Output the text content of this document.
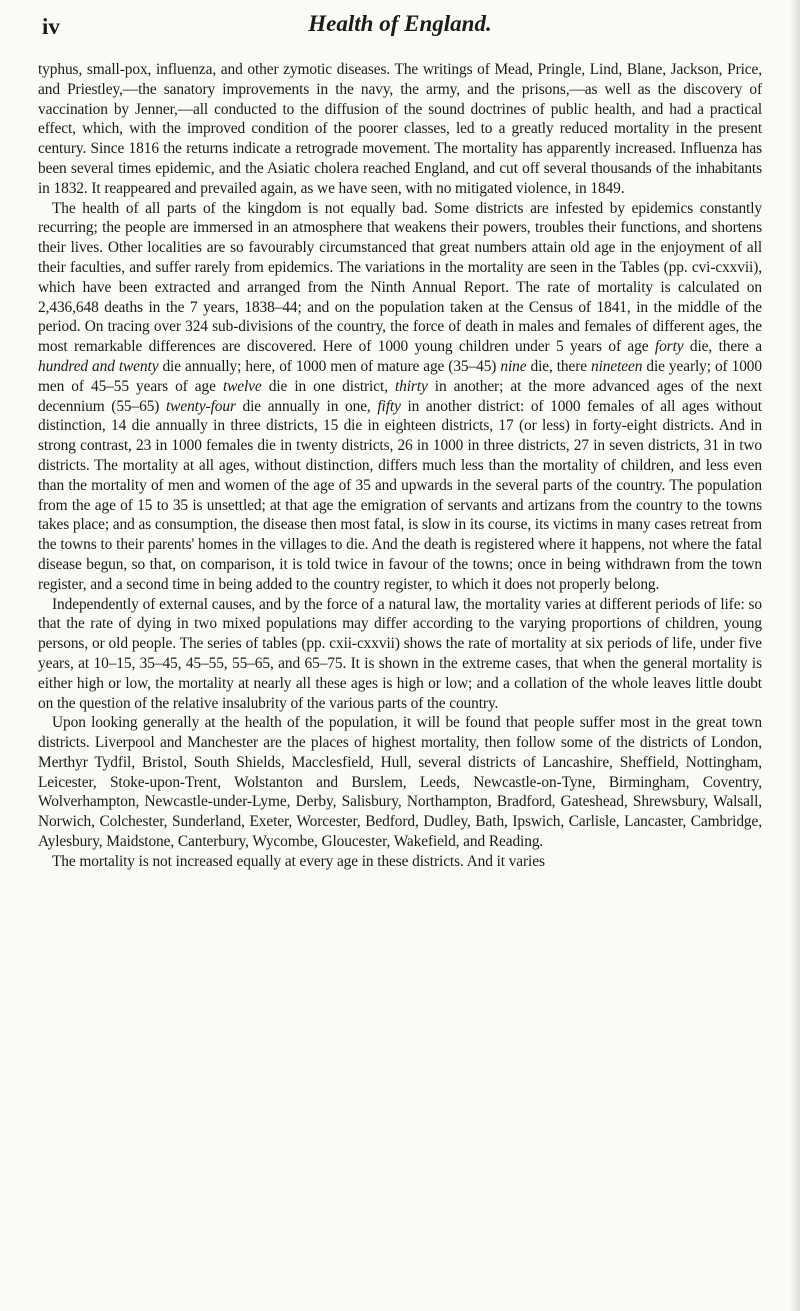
iv	Health of England.

typhus, small-pox, influenza, and other zymotic diseases. The writings of Mead, Pringle, Lind, Blane, Jackson, Price, and Priestley,—the sanatory improvements in the navy, the army, and the prisons,—as well as the discovery of vaccination by Jenner,—all conducted to the diffusion of the sound doctrines of public health, and had a practical effect, which, with the improved condition of the poorer classes, led to a greatly reduced mortality in the present century. Since 1816 the returns indicate a retrograde movement. The mortality has apparently increased. Influenza has been several times epidemic, and the Asiatic cholera reached England, and cut off several thousands of the inhabitants in 1832. It reappeared and prevailed again, as we have seen, with no mitigated violence, in 1849.

The health of all parts of the kingdom is not equally bad. Some districts are infested by epidemics constantly recurring; the people are immersed in an atmosphere that weakens their powers, troubles their functions, and shortens their lives. Other localities are so favourably circumstanced that great numbers attain old age in the enjoyment of all their faculties, and suffer rarely from epidemics. The variations in the mortality are seen in the Tables (pp. cvi-cxxvii), which have been extracted and arranged from the Ninth Annual Report. The rate of mortality is calculated on 2,436,648 deaths in the 7 years, 1838–44; and on the population taken at the Census of 1841, in the middle of the period. On tracing over 324 sub-divisions of the country, the force of death in males and females of different ages, the most remarkable differences are discovered. Here of 1000 young children under 5 years of age forty die, there a hundred and twenty die annually; here, of 1000 men of mature age (35–45) nine die, there nineteen die yearly; of 1000 men of 45–55 years of age twelve die in one district, thirty in another; at the more advanced ages of the next decennium (55–65) twenty-four die annually in one, fifty in another district: of 1000 females of all ages without distinction, 14 die annually in three districts, 15 die in eighteen districts, 17 (or less) in forty-eight districts. And in strong contrast, 23 in 1000 females die in twenty districts, 26 in 1000 in three districts, 27 in seven districts, 31 in two districts. The mortality at all ages, without distinction, differs much less than the mortality of children, and less even than the mortality of men and women of the age of 35 and upwards in the several parts of the country. The population from the age of 15 to 35 is unsettled; at that age the emigration of servants and artizans from the country to the towns takes place; and as consumption, the disease then most fatal, is slow in its course, its victims in many cases retreat from the towns to their parents' homes in the villages to die. And the death is registered where it happens, not where the fatal disease begun, so that, on comparison, it is told twice in favour of the towns; once in being withdrawn from the town register, and a second time in being added to the country register, to which it does not properly belong.

Independently of external causes, and by the force of a natural law, the mortality varies at different periods of life: so that the rate of dying in two mixed populations may differ according to the varying proportions of children, young persons, or old people. The series of tables (pp. cxii-cxxvii) shows the rate of mortality at six periods of life, under five years, at 10–15, 35–45, 45–55, 55–65, and 65–75. It is shown in the extreme cases, that when the general mortality is either high or low, the mortality at nearly all these ages is high or low; and a collation of the whole leaves little doubt on the question of the relative insalubrity of the various parts of the country.

Upon looking generally at the health of the population, it will be found that people suffer most in the great town districts. Liverpool and Manchester are the places of highest mortality, then follow some of the districts of London, Merthyr Tydfil, Bristol, South Shields, Macclesfield, Hull, several districts of Lancashire, Sheffield, Nottingham, Leicester, Stoke-upon-Trent, Wolstanton and Burslem, Leeds, Newcastle-on-Tyne, Birmingham, Coventry, Wolverhampton, Newcastle-under-Lyme, Derby, Salisbury, Northampton, Bradford, Gateshead, Shrewsbury, Walsall, Norwich, Colchester, Sunderland, Exeter, Worcester, Bedford, Dudley, Bath, Ipswich, Carlisle, Lancaster, Cambridge, Aylesbury, Maidstone, Canterbury, Wycombe, Gloucester, Wakefield, and Reading.

The mortality is not increased equally at every age in these districts. And it varies
